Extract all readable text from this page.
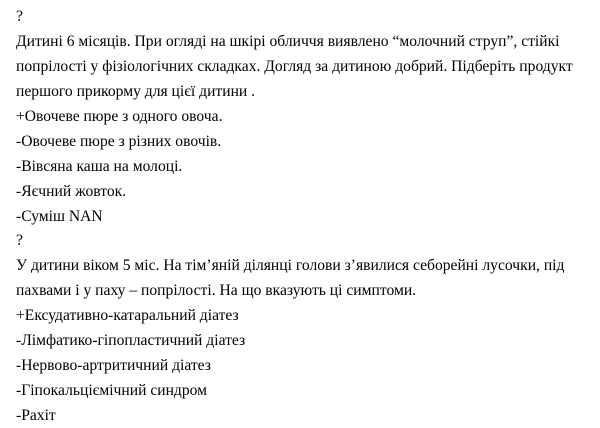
?
Дитині 6 місяців. При огляді на шкірі обличчя виявлено “молочний струп”, стійкі
попрілості у фізіологічних складках. Догляд за дитиною добрий. Підберіть продукт
першого прикорму для цієї дитини .
+Овочеве пюре з одного овоча.
-Овочеве пюре з різних овочів.
-Вівсяна каша на молоці.
-Яєчний жовток.
-Суміш NAN
?
У дитини віком 5 міс. На тім’яній ділянці голови з’явилися себорейні лусочки, під
пахвами і у паху – попрілості. На що вказують ці симптоми.
+Ексудативно-катаральний діатез
-Лімфатико-гіпопластичний діатез
-Нервово-артритичний діатез
-Гіпокальціємічний синдром
-Рахіт
